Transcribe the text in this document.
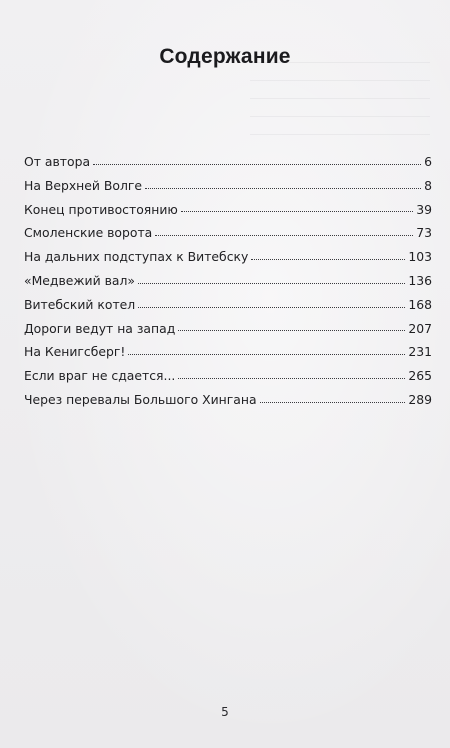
Содержание
От автора	6
На Верхней Волге	8
Конец противостоянию	39
Смоленские ворота	73
На дальних подступах к Витебску	103
«Медвежий вал»	136
Витебский котел	168
Дороги ведут на запад	207
На Кенигсберг!	231
Если враг не сдается...	265
Через перевалы Большого Хингана	289
5
